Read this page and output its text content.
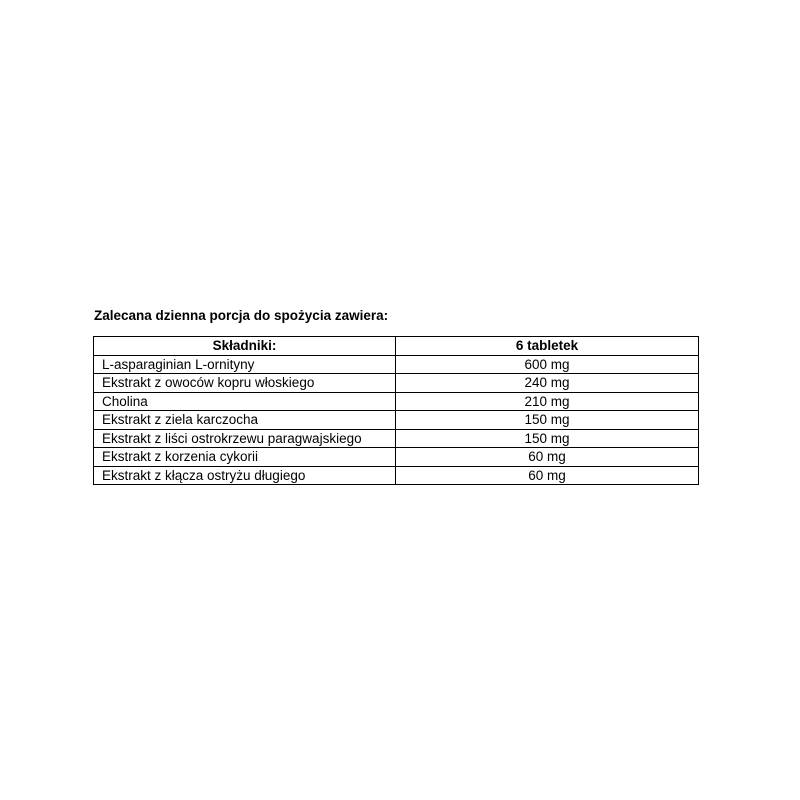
Zalecana dzienna porcja do spożycia zawiera:
Składniki:	6 tabletek
L-asparaginian L-ornityny	600 mg
Ekstrakt z owoców kopru włoskiego	240 mg
Cholina	210 mg
Ekstrakt z ziela karczocha	150 mg
Ekstrakt z liści ostrokrzewu paragwajskiego	150 mg
Ekstrakt z korzenia cykorii	60 mg
Ekstrakt z kłącza ostryżu długiego	60 mg
